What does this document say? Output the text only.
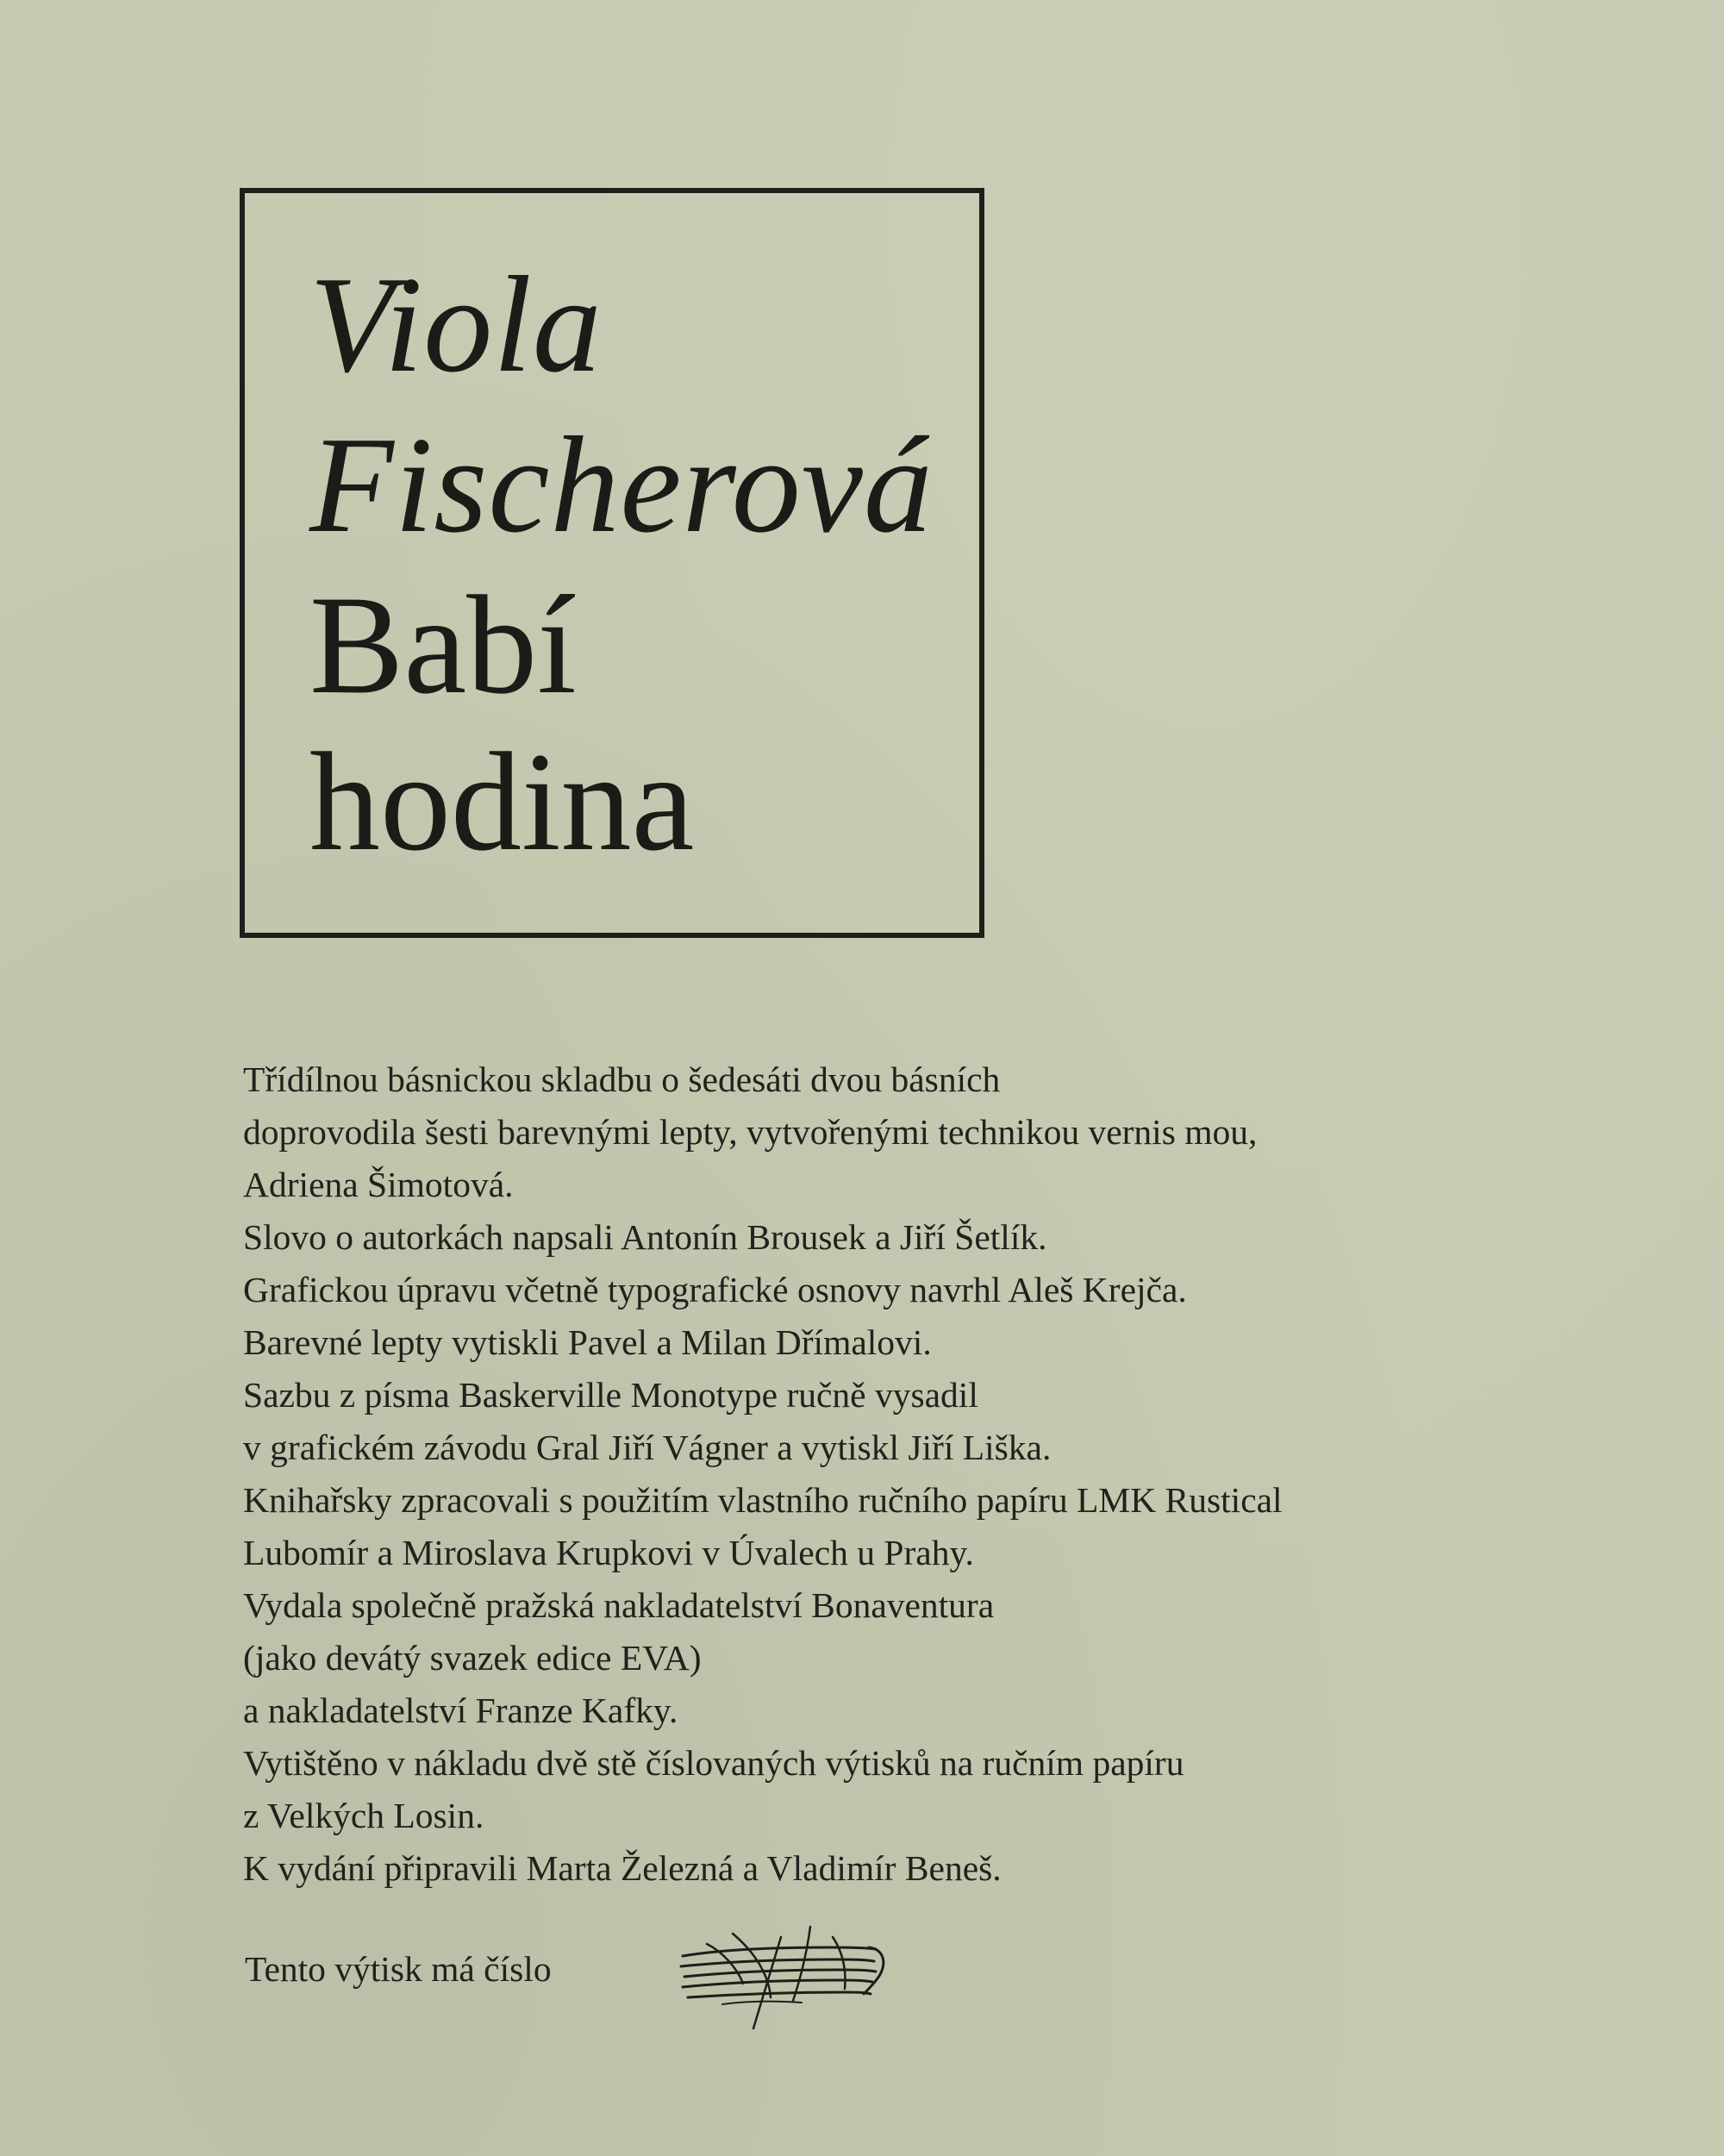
Viola

Fischerová

Babí

hodina

Třídílnou básnickou skladbu o šedesáti dvou básních
doprovodila šesti barevnými lepty, vytvořenými technikou vernis mou,
Adriena Šimotová.
Slovo o autorkách napsali Antonín Brousek a Jiří Šetlík.
Grafickou úpravu včetně typografické osnovy navrhl Aleš Krejča.
Barevné lepty vytiskli Pavel a Milan Dřímalovi.
Sazbu z písma Baskerville Monotype ručně vysadil
v grafickém závodu Gral Jiří Vágner a vytiskl Jiří Liška.
Knihařsky zpracovali s použitím vlastního ručního papíru LMK Rustical
Lubomír a Miroslava Krupkovi v Úvalech u Prahy.
Vydala společně pražská nakladatelství Bonaventura
(jako devátý svazek edice EVA)
a nakladatelství Franze Kafky.
Vytištěno v nákladu dvě stě číslovaných výtisků na ručním papíru
z Velkých Losin.
K vydání připravili Marta Železná a Vladimír Beneš.
Tento výtisk má číslo
